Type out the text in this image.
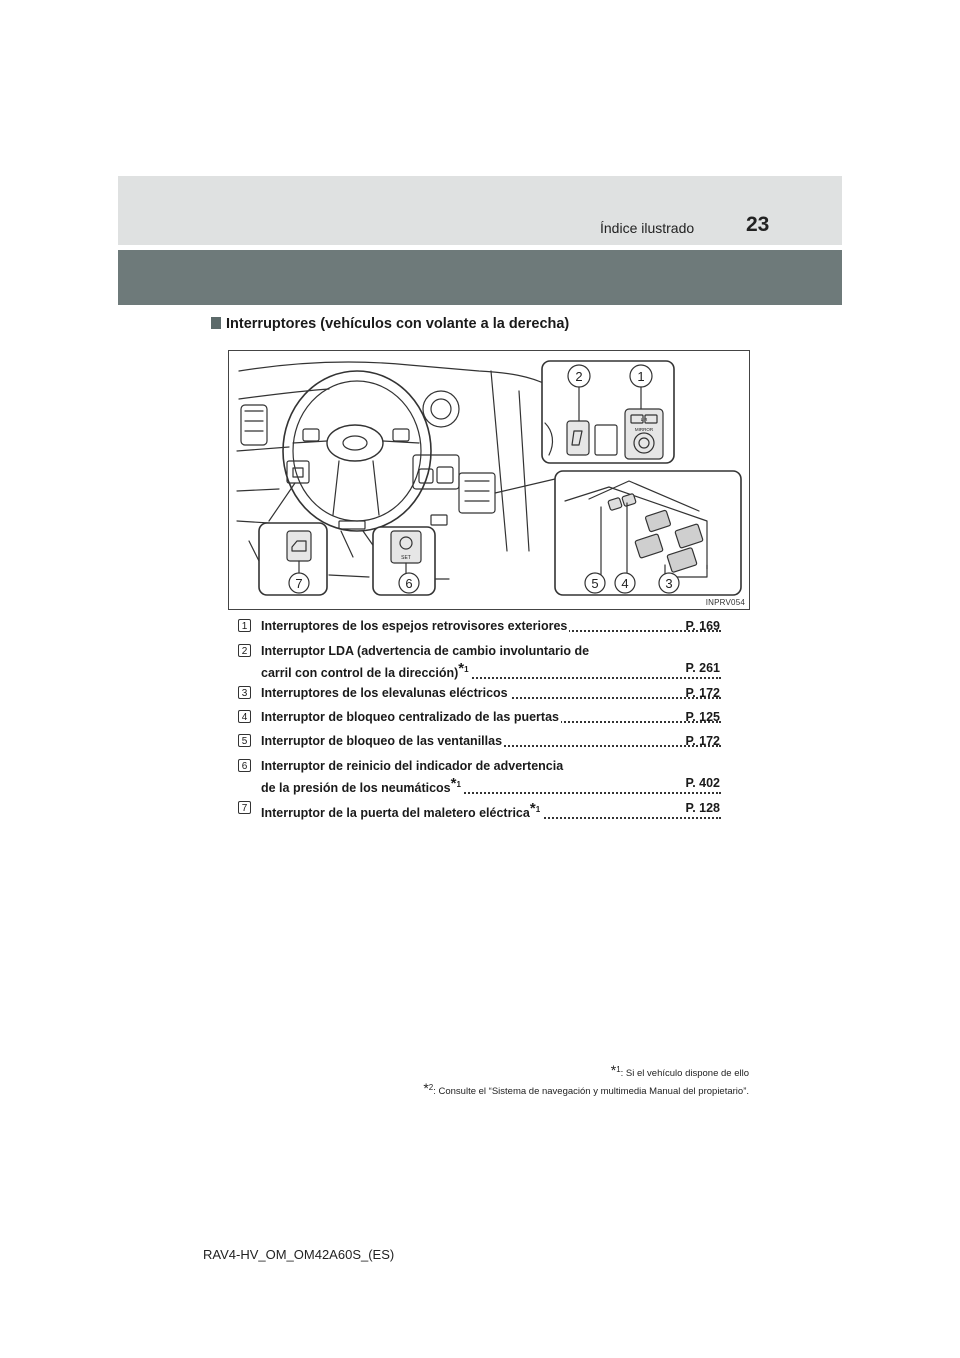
Índice ilustrado 23
Interruptores (vehículos con volante a la derecha)
1
2
3
4
5
6
7
MIRROR
L R
SET
INPRV054
1 Interruptores de los espejos retrovisores exteriores	P. 169
2 Interruptor LDA (advertencia de cambio involuntario de
carril con control de la dirección)*$^1$	P. 261
3 Interruptores de los elevalunas eléctricos	P. 172
4 Interruptor de bloqueo centralizado de las puertas	P. 125
5 Interruptor de bloqueo de las ventanillas	P. 172
6 Interruptor de reinicio del indicador de advertencia
de la presión de los neumáticos*$^1$	P. 402
7 Interruptor de la puerta del maletero eléctrica*$^1$	P. 128
*$^1$: Si el vehículo dispone de ello
*$^2$: Consulte el “Sistema de navegación y multimedia Manual del propietario”.
RAV4-HV_OM_OM42A60S_(ES)
